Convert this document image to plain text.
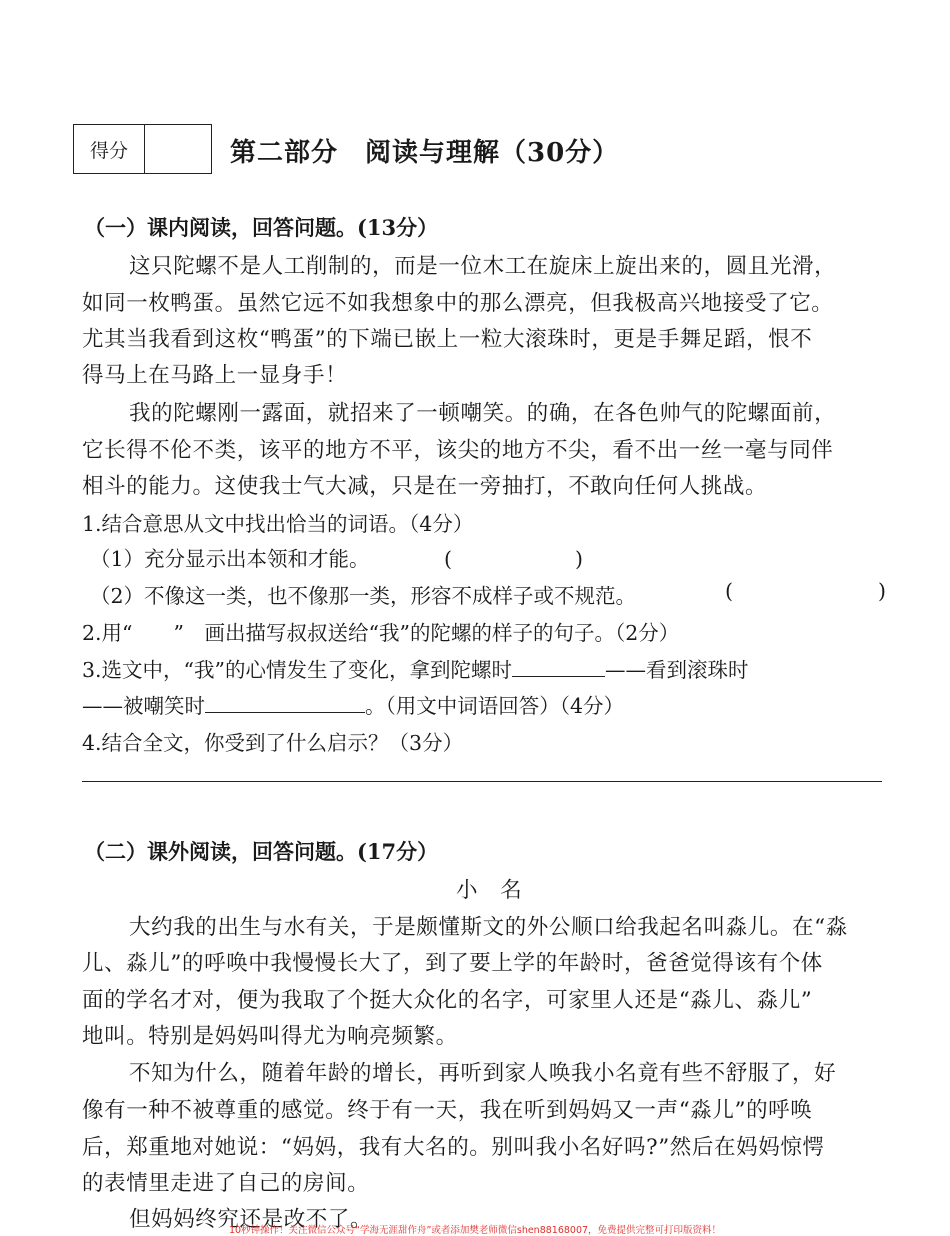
得分	第二部分　阅读与理解（30分）
（一）课内阅读，回答问题。(13分）
这只陀螺不是人工削制的，而是一位木工在旋床上旋出来的，圆且光滑，
如同一枚鸭蛋。虽然它远不如我想象中的那么漂亮，但我极高兴地接受了它。
尤其当我看到这枚“鸭蛋”的下端已嵌上一粒大滚珠时，更是手舞足蹈，恨不
得马上在马路上一显身手！
我的陀螺刚一露面，就招来了一顿嘲笑。的确，在各色帅气的陀螺面前，
它长得不伦不类，该平的地方不平，该尖的地方不尖，看不出一丝一毫与同伴
相斗的能力。这使我士气大减，只是在一旁抽打，不敢向任何人挑战。
1.结合意思从文中找出恰当的词语。（4分）
（1）充分显示出本领和才能。	(　　　　　　)
（2）不像这一类，也不像那一类，形容不成样子或不规范。	(	)
2.用“　　”　画出描写叔叔送给“我”的陀螺的样子的句子。（2分）
3.选文中，“我”的心情发生了变化，拿到陀螺时	——看到滚珠时
——被嘲笑时	。（用文中词语回答）（4分）
4.结合全文，你受到了什么启示？（3分）
（二）课外阅读，回答问题。(17分）
小　名
大约我的出生与水有关，于是颇懂斯文的外公顺口给我起名叫淼儿。在“淼
儿、淼儿”的呼唤中我慢慢长大了，到了要上学的年龄时，爸爸觉得该有个体
面的学名才对，便为我取了个挺大众化的名字，可家里人还是“淼儿、淼儿”
地叫。特别是妈妈叫得尤为响亮频繁。
不知为什么，随着年龄的增长，再听到家人唤我小名竟有些不舒服了，好
像有一种不被尊重的感觉。终于有一天，我在听到妈妈又一声“淼儿”的呼唤
后，郑重地对她说：“妈妈，我有大名的。别叫我小名好吗?”然后在妈妈惊愕
的表情里走进了自己的房间。
但妈妈终究还是改不了。
10秒钟操作！关注微信公众号“学海无涯甜作舟”或者添加樊老师微信shen88168007，免费提供完整可打印版资料！
